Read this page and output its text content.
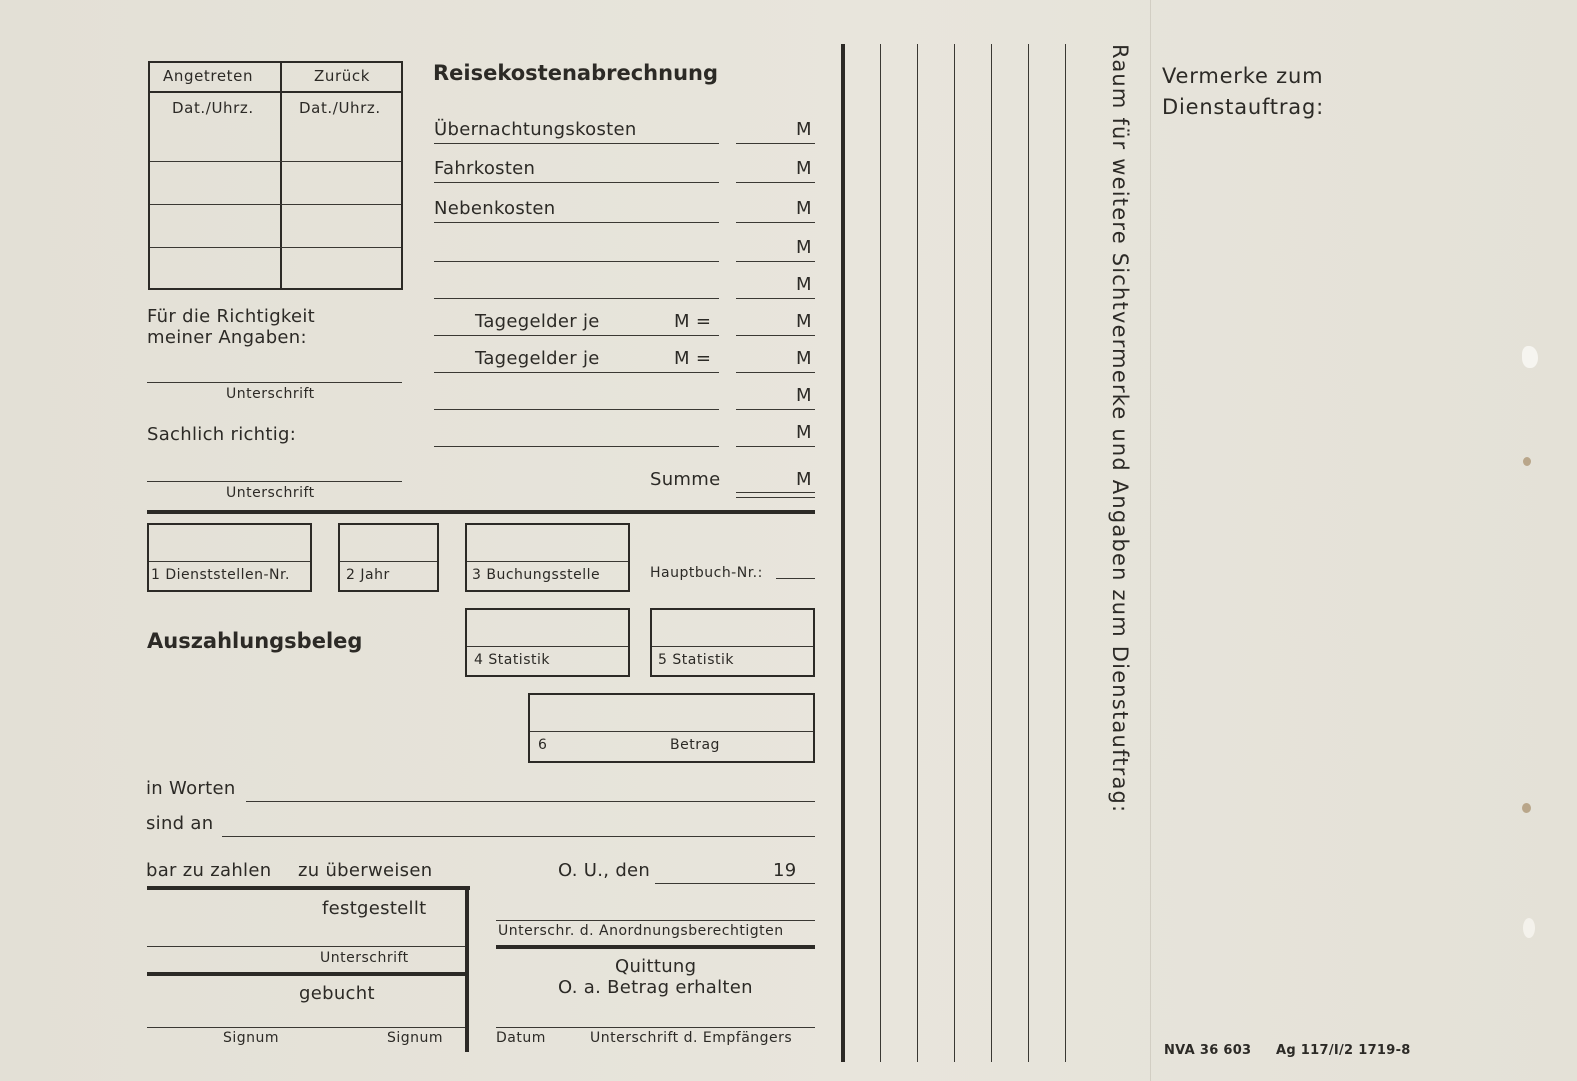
Angetreten	Zurück
Dat./Uhrz.	Dat./Uhrz.
Reisekostenabrechnung
Übernachtungskosten	M
Fahrkosten	M
Nebenkosten	M
M
M
Tagegelder je	M =	M
Tagegelder je	M =	M
M
M
Summe	M
Für die Richtigkeit
meiner Angaben:
Unterschrift
Sachlich richtig:
Unterschrift
1 Dienststellen-Nr.	2 Jahr	3 Buchungsstelle	Hauptbuch-Nr.:
4 Statistik	5 Statistik
6	Betrag
Auszahlungsbeleg
in Worten
sind an
bar zu zahlen zu überweisen	O. U., den	19
festgestellt
Unterschrift
gebucht
Signum	Signum
Unterschr. d. Anordnungsberechtigten
Quittung
O. a. Betrag erhalten
Datum	Unterschrift d. Empfängers
Raum für weitere Sichtvermerke und Angaben zum Dienstauftrag: Vermerke zum
Dienstauftrag:
NVA 36 603 Ag 117/I/2 1719-8
